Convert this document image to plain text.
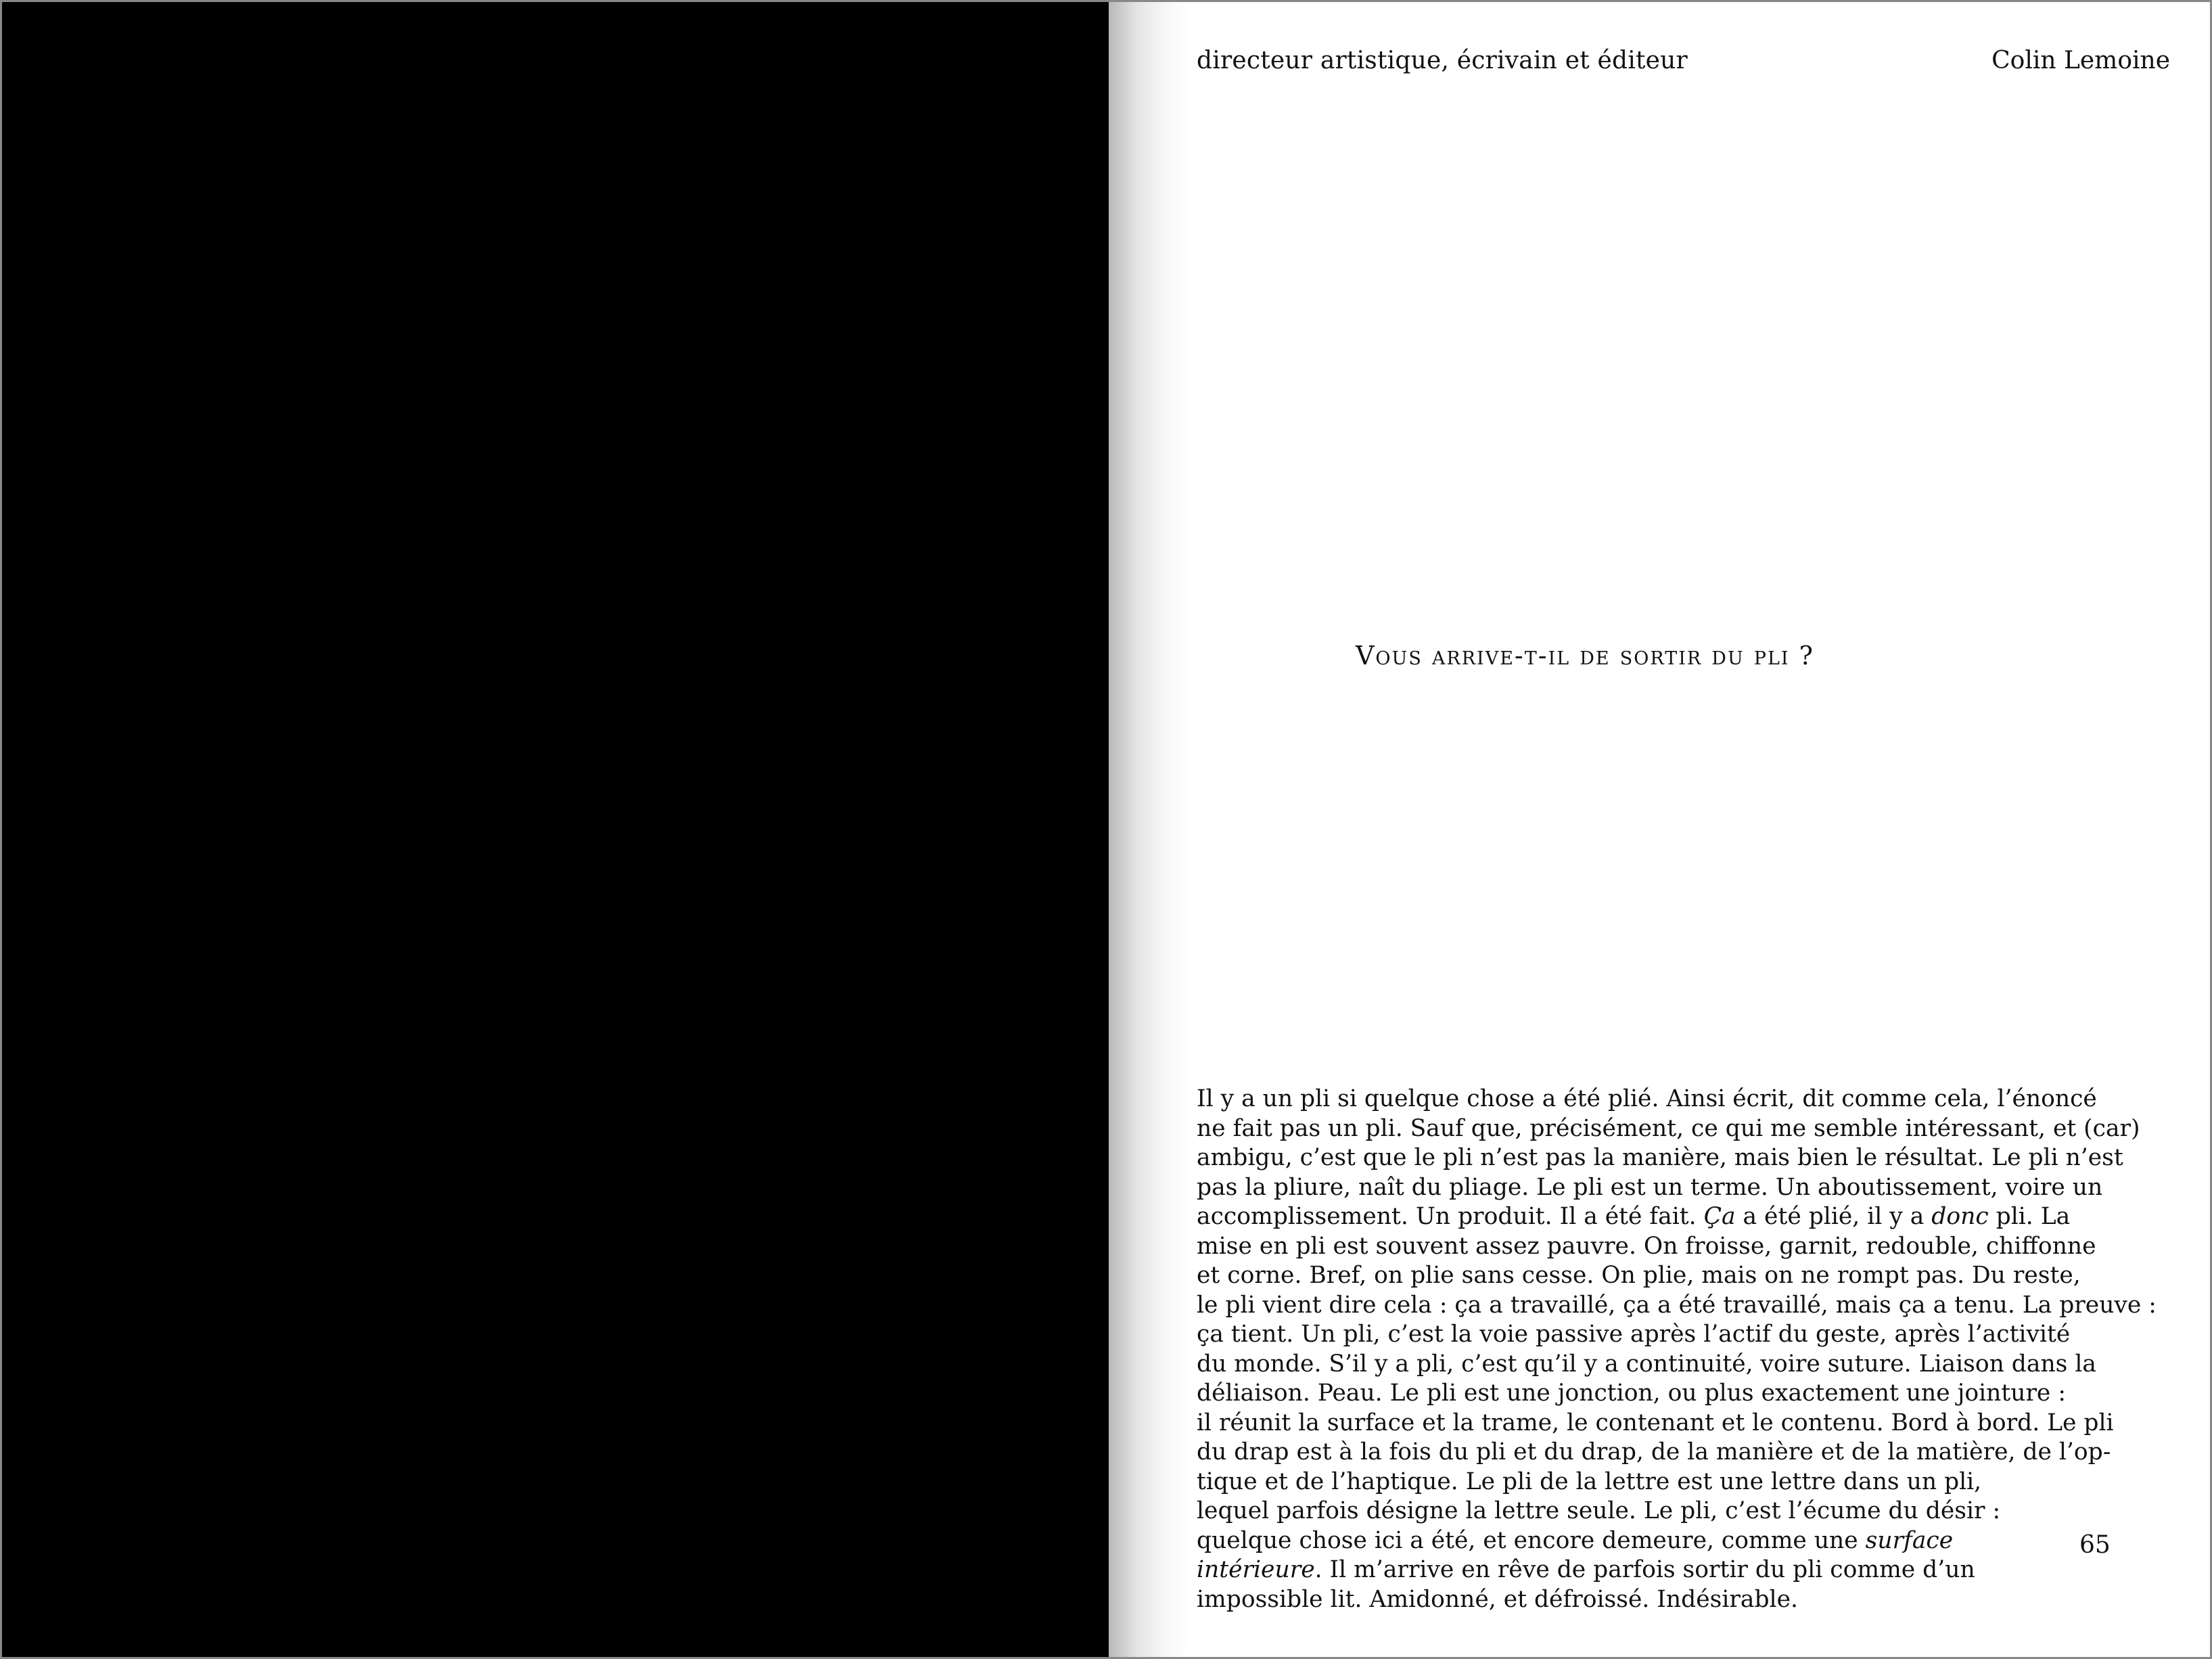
directeur artistique, écrivain et éditeur	Colin Lemoine
Vous arrive-t-il de sortir du pli ?
Il y a un pli si quelque chose a été plié. Ainsi écrit, dit comme cela, l’énoncé
ne fait pas un pli. Sauf que, précisément, ce qui me semble intéressant, et (car)
ambigu, c’est que le pli n’est pas la manière, mais bien le résultat. Le pli n’est
pas la pliure, naît du pliage. Le pli est un terme. Un aboutissement, voire un
accomplissement. Un produit. Il a été fait. Ça a été plié, il y a donc pli. La
mise en pli est souvent assez pauvre. On froisse, garnit, redouble, chiffonne
et corne. Bref, on plie sans cesse. On plie, mais on ne rompt pas. Du reste,
le pli vient dire cela : ça a travaillé, ça a été travaillé, mais ça a tenu. La preuve :
ça tient. Un pli, c’est la voie passive après l’actif du geste, après l’activité
du monde. S’il y a pli, c’est qu’il y a continuité, voire suture. Liaison dans la
déliaison. Peau. Le pli est une jonction, ou plus exactement une jointure :
il réunit la surface et la trame, le contenant et le contenu. Bord à bord. Le pli
du drap est à la fois du pli et du drap, de la manière et de la matière, de l’op-
tique et de l’haptique. Le pli de la lettre est une lettre dans un pli,
lequel parfois désigne la lettre seule. Le pli, c’est l’écume du désir :
quelque chose ici a été, et encore demeure, comme une surface
intérieure. Il m’arrive en rêve de parfois sortir du pli comme d’un
impossible lit. Amidonné, et défroissé. Indésirable.
65
